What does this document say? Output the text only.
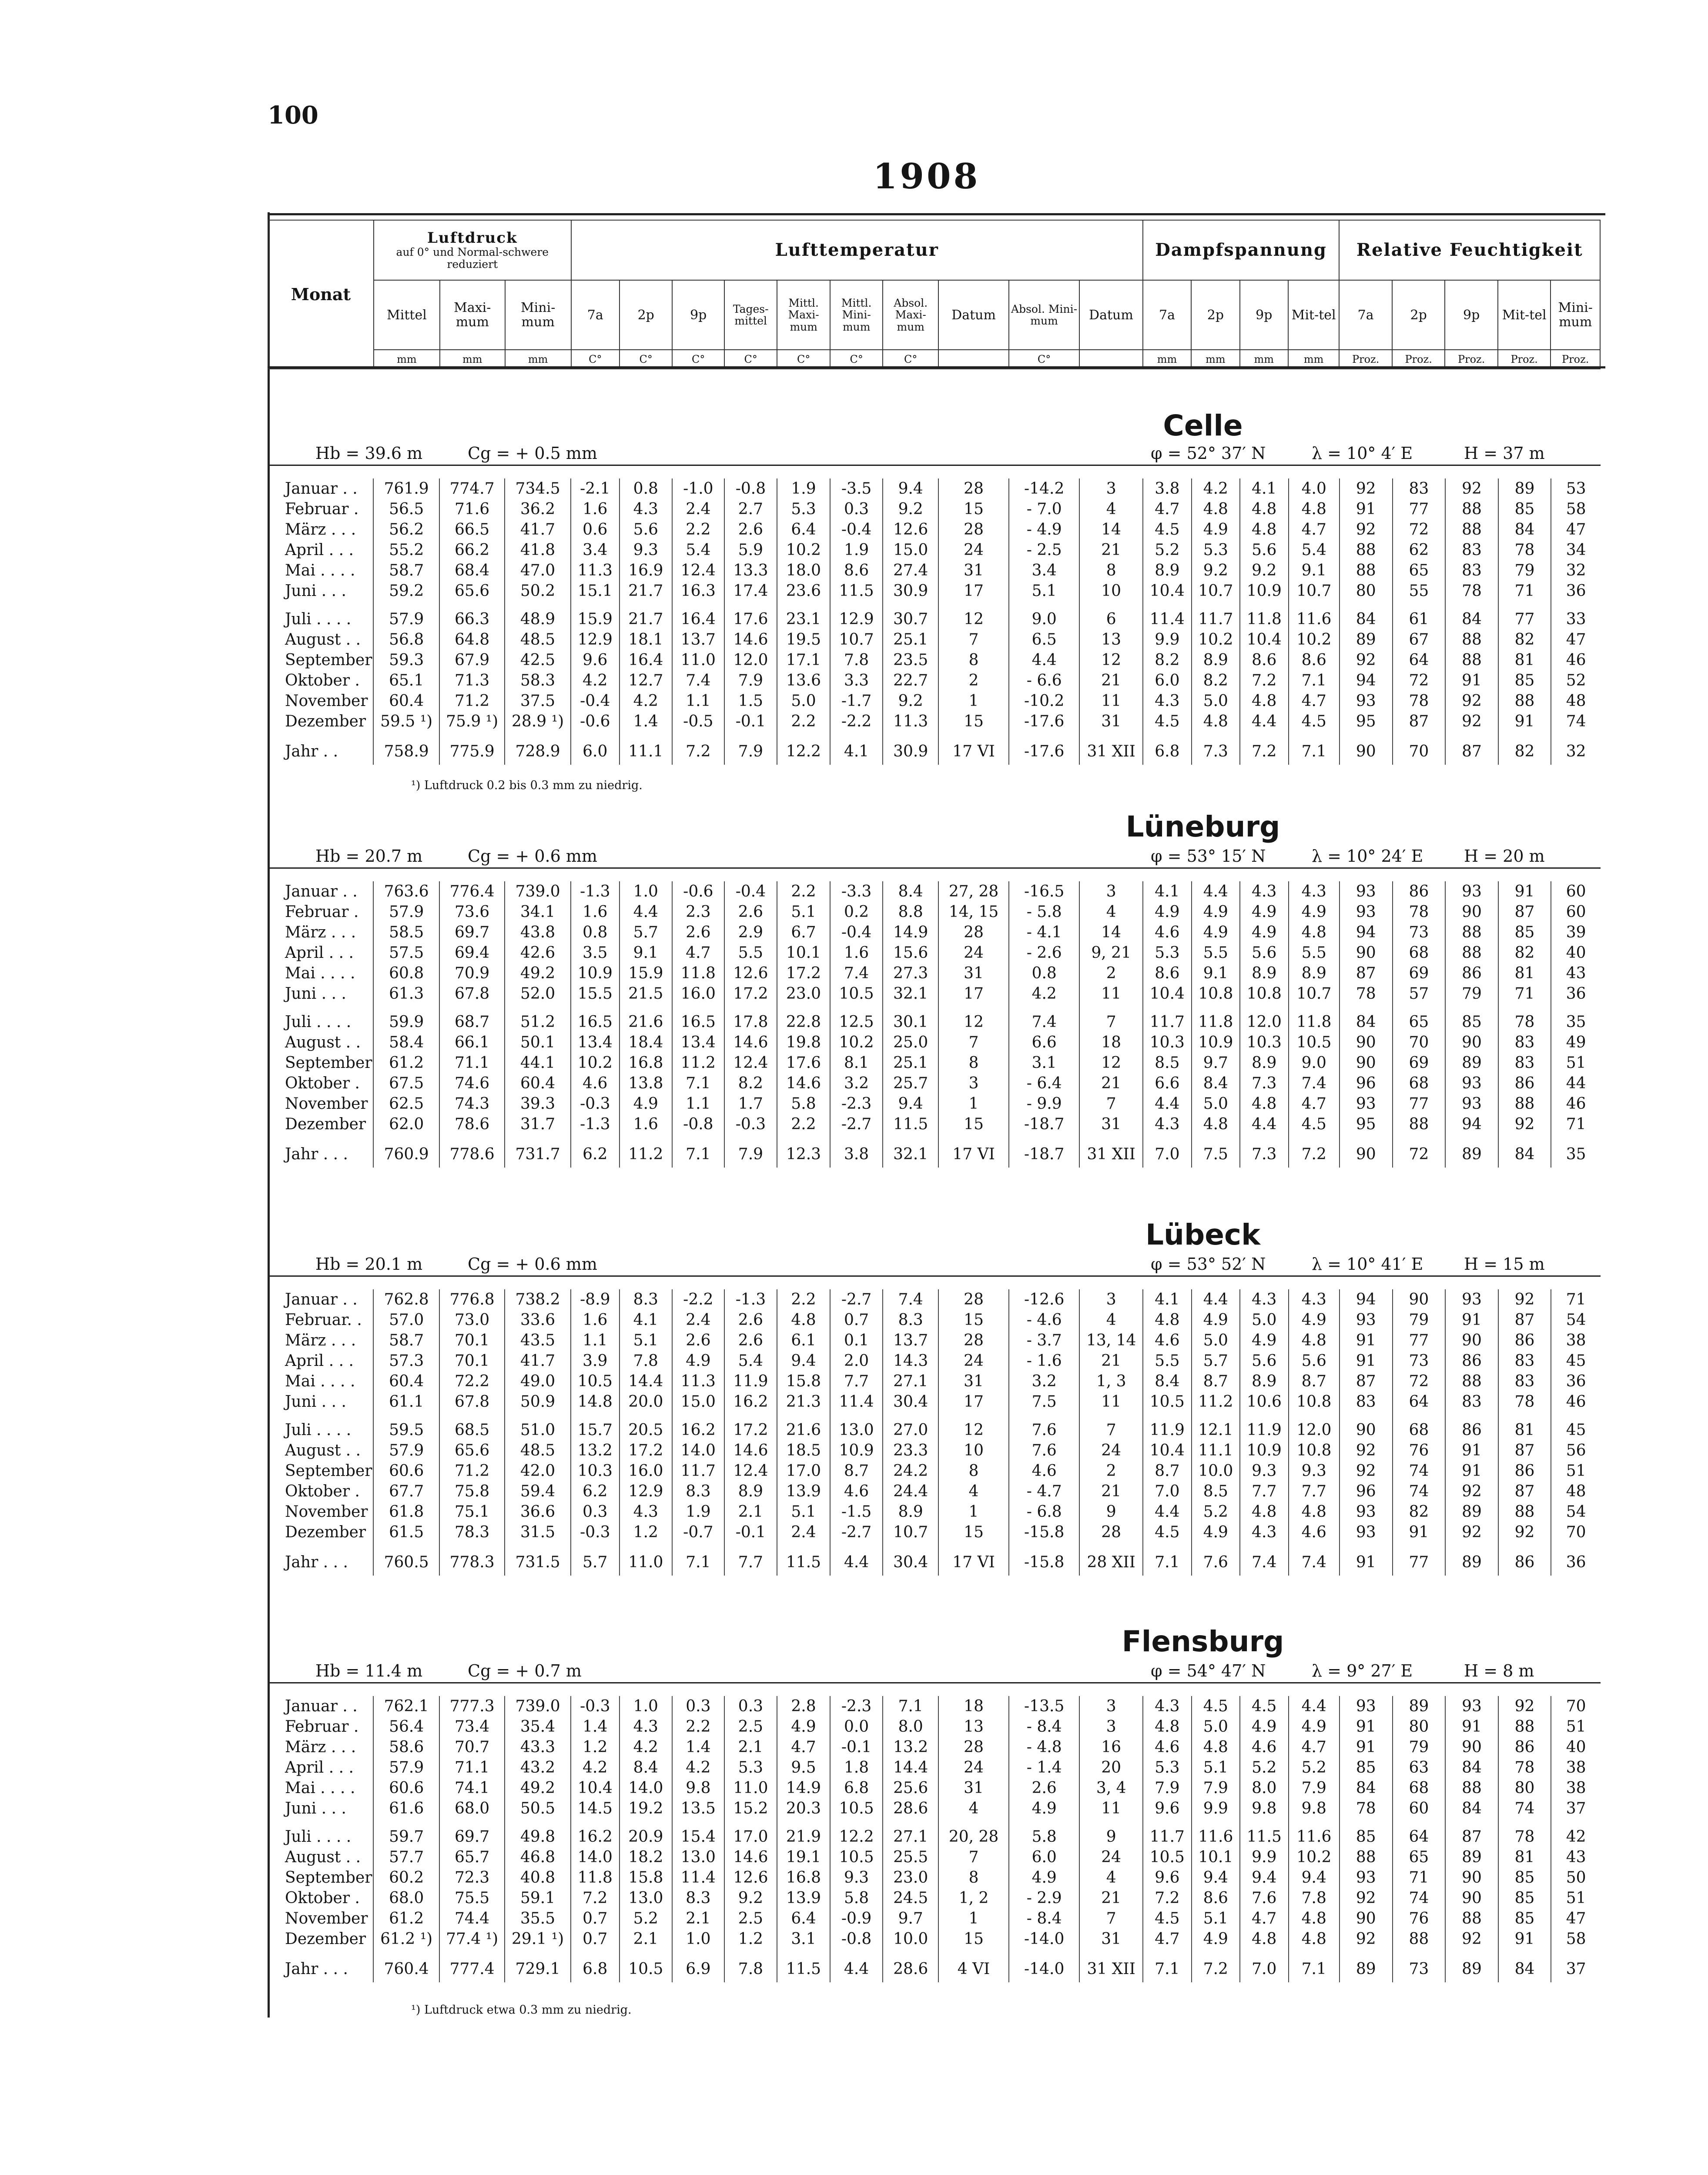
100
1908
Monat	Luftdruck
auf 0° und Normal-schwere reduziert			Lufttemperatur										Dampfspannung				Relative Feuchtigkeit				
	Mittel	Maxi-mum	Mini-mum	7a	2p	9p	Tages-mittel	Mittl. Maxi-mum	Mittl. Mini-mum	Absol. Maxi-mum	Datum	Absol. Mini-mum	Datum	7a	2p	9p	Mit-tel	7a	2p	9p	Mit-tel	Mini-mum
	mm	mm	mm	C°	C°	C°	C°	C°	C°	C°		C°		mm	mm	mm	mm	Proz.	Proz.	Proz.	Proz.	Proz.
Celle
Hb = 39.6 m	Cg = + 0.5 mm	φ = 52° 37′ N	λ = 10° 4′ E	H = 37 m
Januar . .	761.9	774.7	734.5	-2.1	0.8	-1.0	-0.8	1.9	-3.5	9.4	28	-14.2	3	3.8	4.2	4.1	4.0	92	83	92	89	53
Februar .	56.5	71.6	36.2	1.6	4.3	2.4	2.7	5.3	0.3	9.2	15	- 7.0	4	4.7	4.8	4.8	4.8	91	77	88	85	58
März . . .	56.2	66.5	41.7	0.6	5.6	2.2	2.6	6.4	-0.4	12.6	28	- 4.9	14	4.5	4.9	4.8	4.7	92	72	88	84	47
April . . .	55.2	66.2	41.8	3.4	9.3	5.4	5.9	10.2	1.9	15.0	24	- 2.5	21	5.2	5.3	5.6	5.4	88	62	83	78	34
Mai . . . .	58.7	68.4	47.0	11.3	16.9	12.4	13.3	18.0	8.6	27.4	31	3.4	8	8.9	9.2	9.2	9.1	88	65	83	79	32
Juni . . .	59.2	65.6	50.2	15.1	21.7	16.3	17.4	23.6	11.5	30.9	17	5.1	10	10.4	10.7	10.9	10.7	80	55	78	71	36

Juli . . . .	57.9	66.3	48.9	15.9	21.7	16.4	17.6	23.1	12.9	30.7	12	9.0	6	11.4	11.7	11.8	11.6	84	61	84	77	33
August . .	56.8	64.8	48.5	12.9	18.1	13.7	14.6	19.5	10.7	25.1	7	6.5	13	9.9	10.2	10.4	10.2	89	67	88	82	47
September	59.3	67.9	42.5	9.6	16.4	11.0	12.0	17.1	7.8	23.5	8	4.4	12	8.2	8.9	8.6	8.6	92	64	88	81	46
Oktober .	65.1	71.3	58.3	4.2	12.7	7.4	7.9	13.6	3.3	22.7	2	- 6.6	21	6.0	8.2	7.2	7.1	94	72	91	85	52
November	60.4	71.2	37.5	-0.4	4.2	1.1	1.5	5.0	-1.7	9.2	1	-10.2	11	4.3	5.0	4.8	4.7	93	78	92	88	48
Dezember	59.5 ¹)	75.9 ¹)	28.9 ¹)	-0.6	1.4	-0.5	-0.1	2.2	-2.2	11.3	15	-17.6	31	4.5	4.8	4.4	4.5	95	87	92	91	74
Jahr . .	758.9	775.9	728.9	6.0	11.1	7.2	7.9	12.2	4.1	30.9	17 VI	-17.6	31 XII	6.8	7.3	7.2	7.1	90	70	87	82	32
¹) Luftdruck 0.2 bis 0.3 mm zu niedrig.
Lüneburg
Hb = 20.7 m	Cg = + 0.6 mm	φ = 53° 15′ N	λ = 10° 24′ E H = 20 m
Januar . .	763.6	776.4	739.0	-1.3	1.0	-0.6	-0.4	2.2	-3.3	8.4	27, 28	-16.5	3	4.1	4.4	4.3	4.3	93	86	93	91	60
Februar .	57.9	73.6	34.1	1.6	4.4	2.3	2.6	5.1	0.2	8.8	14, 15	- 5.8	4	4.9	4.9	4.9	4.9	93	78	90	87	60
März . . .	58.5	69.7	43.8	0.8	5.7	2.6	2.9	6.7	-0.4	14.9	28	- 4.1	14	4.6	4.9	4.9	4.8	94	73	88	85	39
April . . .	57.5	69.4	42.6	3.5	9.1	4.7	5.5	10.1	1.6	15.6	24	- 2.6	9, 21	5.3	5.5	5.6	5.5	90	68	88	82	40
Mai . . . .	60.8	70.9	49.2	10.9	15.9	11.8	12.6	17.2	7.4	27.3	31	0.8	2	8.6	9.1	8.9	8.9	87	69	86	81	43
Juni . . .	61.3	67.8	52.0	15.5	21.5	16.0	17.2	23.0	10.5	32.1	17	4.2	11	10.4	10.8	10.8	10.7	78	57	79	71	36

Juli . . . .	59.9	68.7	51.2	16.5	21.6	16.5	17.8	22.8	12.5	30.1	12	7.4	7	11.7	11.8	12.0	11.8	84	65	85	78	35
August . .	58.4	66.1	50.1	13.4	18.4	13.4	14.6	19.8	10.2	25.0	7	6.6	18	10.3	10.9	10.3	10.5	90	70	90	83	49
September	61.2	71.1	44.1	10.2	16.8	11.2	12.4	17.6	8.1	25.1	8	3.1	12	8.5	9.7	8.9	9.0	90	69	89	83	51
Oktober .	67.5	74.6	60.4	4.6	13.8	7.1	8.2	14.6	3.2	25.7	3	- 6.4	21	6.6	8.4	7.3	7.4	96	68	93	86	44
November	62.5	74.3	39.3	-0.3	4.9	1.1	1.7	5.8	-2.3	9.4	1	- 9.9	7	4.4	5.0	4.8	4.7	93	77	93	88	46
Dezember	62.0	78.6	31.7	-1.3	1.6	-0.8	-0.3	2.2	-2.7	11.5	15	-18.7	31	4.3	4.8	4.4	4.5	95	88	94	92	71
Jahr . . .	760.9	778.6	731.7	6.2	11.2	7.1	7.9	12.3	3.8	32.1	17 VI	-18.7	31 XII	7.0	7.5	7.3	7.2	90	72	89	84	35
Lübeck
Hb = 20.1 m	Cg = + 0.6 mm	φ = 53° 52′ N	λ = 10° 41′ E H = 15 m
Januar . .	762.8	776.8	738.2	-8.9	8.3	-2.2	-1.3	2.2	-2.7	7.4	28	-12.6	3	4.1	4.4	4.3	4.3	94	90	93	92	71
Februar. .	57.0	73.0	33.6	1.6	4.1	2.4	2.6	4.8	0.7	8.3	15	- 4.6	4	4.8	4.9	5.0	4.9	93	79	91	87	54
März . . .	58.7	70.1	43.5	1.1	5.1	2.6	2.6	6.1	0.1	13.7	28	- 3.7	13, 14	4.6	5.0	4.9	4.8	91	77	90	86	38
April . . .	57.3	70.1	41.7	3.9	7.8	4.9	5.4	9.4	2.0	14.3	24	- 1.6	21	5.5	5.7	5.6	5.6	91	73	86	83	45
Mai . . . .	60.4	72.2	49.0	10.5	14.4	11.3	11.9	15.8	7.7	27.1	31	3.2	1, 3	8.4	8.7	8.9	8.7	87	72	88	83	36
Juni . . .	61.1	67.8	50.9	14.8	20.0	15.0	16.2	21.3	11.4	30.4	17	7.5	11	10.5	11.2	10.6	10.8	83	64	83	78	46

Juli . . . .	59.5	68.5	51.0	15.7	20.5	16.2	17.2	21.6	13.0	27.0	12	7.6	7	11.9	12.1	11.9	12.0	90	68	86	81	45
August . .	57.9	65.6	48.5	13.2	17.2	14.0	14.6	18.5	10.9	23.3	10	7.6	24	10.4	11.1	10.9	10.8	92	76	91	87	56
September	60.6	71.2	42.0	10.3	16.0	11.7	12.4	17.0	8.7	24.2	8	4.6	2	8.7	10.0	9.3	9.3	92	74	91	86	51
Oktober .	67.7	75.8	59.4	6.2	12.9	8.3	8.9	13.9	4.6	24.4	4	- 4.7	21	7.0	8.5	7.7	7.7	96	74	92	87	48
November	61.8	75.1	36.6	0.3	4.3	1.9	2.1	5.1	-1.5	8.9	1	- 6.8	9	4.4	5.2	4.8	4.8	93	82	89	88	54
Dezember	61.5	78.3	31.5	-0.3	1.2	-0.7	-0.1	2.4	-2.7	10.7	15	-15.8	28	4.5	4.9	4.3	4.6	93	91	92	92	70
Jahr . . .	760.5	778.3	731.5	5.7	11.0	7.1	7.7	11.5	4.4	30.4	17 VI	-15.8	28 XII	7.1	7.6	7.4	7.4	91	77	89	86	36
Flensburg
Hb = 11.4 m	Cg = + 0.7 m	φ = 54° 47′ N	λ = 9° 27′ E	H = 8 m
Januar . .	762.1	777.3	739.0	-0.3	1.0	0.3	0.3	2.8	-2.3	7.1	18	-13.5	3	4.3	4.5	4.5	4.4	93	89	93	92	70
Februar .	56.4	73.4	35.4	1.4	4.3	2.2	2.5	4.9	0.0	8.0	13	- 8.4	3	4.8	5.0	4.9	4.9	91	80	91	88	51
März . . .	58.6	70.7	43.3	1.2	4.2	1.4	2.1	4.7	-0.1	13.2	28	- 4.8	16	4.6	4.8	4.6	4.7	91	79	90	86	40
April . . .	57.9	71.1	43.2	4.2	8.4	4.2	5.3	9.5	1.8	14.4	24	- 1.4	20	5.3	5.1	5.2	5.2	85	63	84	78	38
Mai . . . .	60.6	74.1	49.2	10.4	14.0	9.8	11.0	14.9	6.8	25.6	31	2.6	3, 4	7.9	7.9	8.0	7.9	84	68	88	80	38
Juni . . .	61.6	68.0	50.5	14.5	19.2	13.5	15.2	20.3	10.5	28.6	4	4.9	11	9.6	9.9	9.8	9.8	78	60	84	74	37

Juli . . . .	59.7	69.7	49.8	16.2	20.9	15.4	17.0	21.9	12.2	27.1	20, 28	5.8	9	11.7	11.6	11.5	11.6	85	64	87	78	42
August . .	57.7	65.7	46.8	14.0	18.2	13.0	14.6	19.1	10.5	25.5	7	6.0	24	10.5	10.1	9.9	10.2	88	65	89	81	43
September	60.2	72.3	40.8	11.8	15.8	11.4	12.6	16.8	9.3	23.0	8	4.9	4	9.6	9.4	9.4	9.4	93	71	90	85	50
Oktober .	68.0	75.5	59.1	7.2	13.0	8.3	9.2	13.9	5.8	24.5	1, 2	- 2.9	21	7.2	8.6	7.6	7.8	92	74	90	85	51
November	61.2	74.4	35.5	0.7	5.2	2.1	2.5	6.4	-0.9	9.7	1	- 8.4	7	4.5	5.1	4.7	4.8	90	76	88	85	47
Dezember	61.2 ¹)	77.4 ¹)	29.1 ¹)	0.7	2.1	1.0	1.2	3.1	-0.8	10.0	15	-14.0	31	4.7	4.9	4.8	4.8	92	88	92	91	58
Jahr . . .	760.4	777.4	729.1	6.8	10.5	6.9	7.8	11.5	4.4	28.6	4 VI	-14.0	31 XII	7.1	7.2	7.0	7.1	89	73	89	84	37
¹) Luftdruck etwa 0.3 mm zu niedrig.
